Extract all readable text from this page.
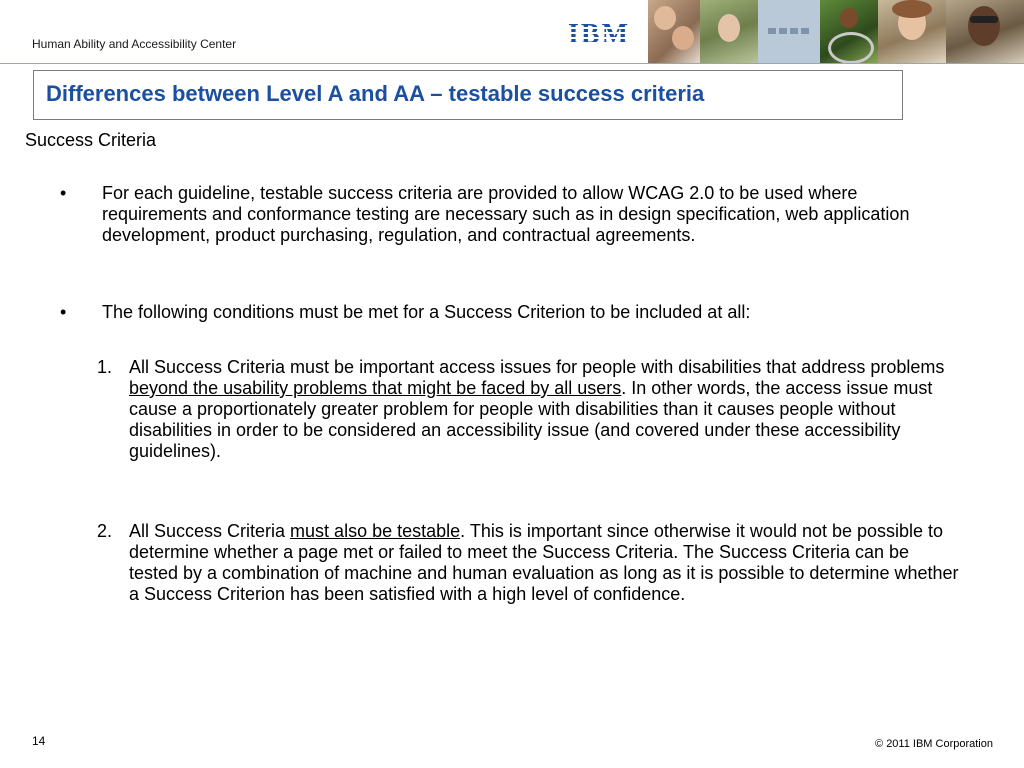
Human Ability and Accessibility Center	IBM
Differences between Level A and AA – testable success criteria
Success Criteria
• For each guideline, testable success criteria are provided to allow WCAG 2.0 to be used where requirements and conformance testing are necessary such as in design specification, web application development, product purchasing, regulation, and contractual agreements.
• The following conditions must be met for a Success Criterion to be included at all:
1. All Success Criteria must be important access issues for people with disabilities that address problems beyond the usability problems that might be faced by all users. In other words, the access issue must cause a proportionately greater problem for people with disabilities than it causes people without disabilities in order to be considered an accessibility issue (and covered under these accessibility guidelines).
2. All Success Criteria must also be testable. This is important since otherwise it would not be possible to determine whether a page met or failed to meet the Success Criteria. The Success Criteria can be tested by a combination of machine and human evaluation as long as it is possible to determine whether a Success Criterion has been satisfied with a high level of confidence.
14	© 2011 IBM Corporation
